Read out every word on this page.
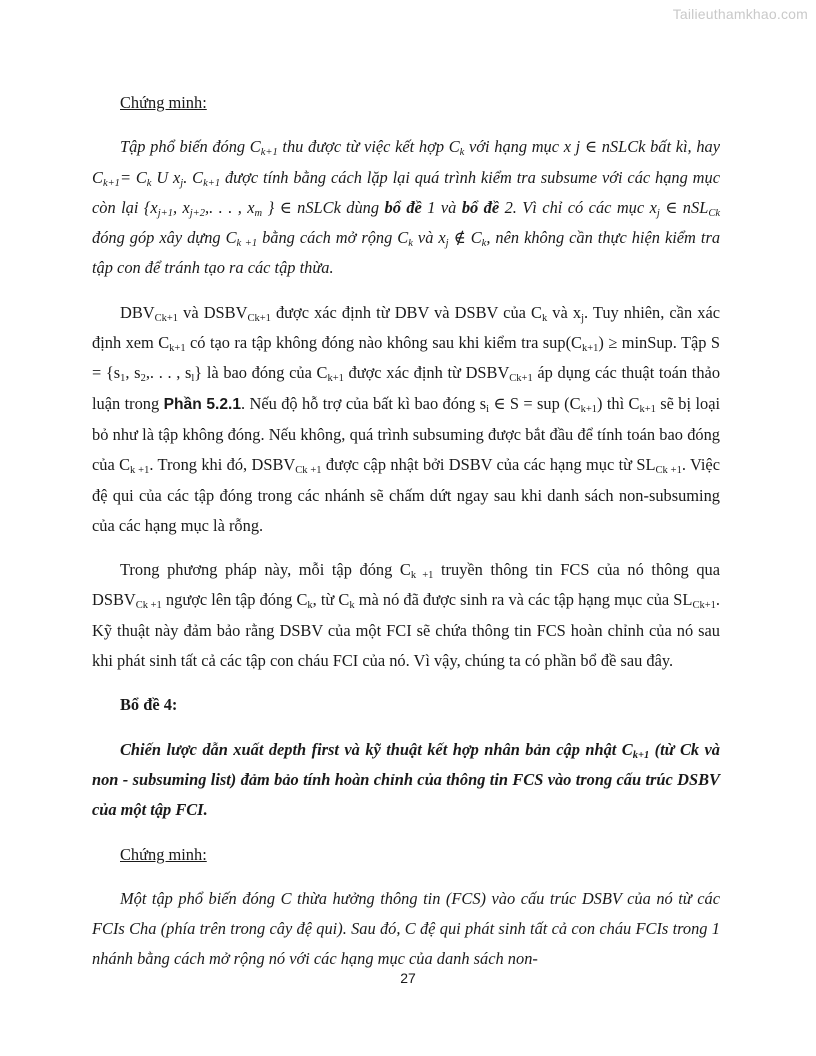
Tailieuthamkhao.com

Chứng minh:

Tập phổ biến đóng $C_{k+1}$ thu được từ việc kết hợp $C_k$ với hạng mục x j ∈ nSLCk bất kì, hay $C_{k+1}= C_k$ U $x_j$. $C_{k+1}$ được tính bằng cách lặp lại quá trình kiểm tra subsume với các hạng mục còn lại {$x_{j+1}$, $x_{j+2}$,. . . , $x_m$ } ∈ nSLCk dùng bổ đề 1 và bổ đề 2. Vì chỉ có các mục $x_j$ ∈ nSL$_{Ck}$ đóng góp xây dựng $C_{k +1}$ bằng cách mở rộng $C_k$ và $x_j$ ∉ $C_k$, nên không cần thực hiện kiểm tra tập con để tránh tạo ra các tập thừa.

$DBV_{Ck+1}$ và $DSBV_{Ck+1}$ được xác định từ DBV và DSBV của $C_k$ và $x_j$. Tuy nhiên, cần xác định xem $C_{k+1}$ có tạo ra tập không đóng nào không sau khi kiểm tra $sup(C_{k+1})$ ≥ minSup. Tập $S = \{s_1$, $s_2$,. . . , $s_l$} là bao đóng của $C_{k+1}$ được xác định từ $DSBV_{Ck+1}$ áp dụng các thuật toán thảo luận trong Phần 5.2.1. Nếu độ hỗ trợ của bất kì bao đóng $s_i$ ∈ S = sup $(C_{k+1})$ thì $C_{k+1}$ sẽ bị loại bỏ như là tập không đóng. Nếu không, quá trình subsuming được bắt đầu để tính toán bao đóng của $C_{k +1}$. Trong khi đó, $DSBV_{Ck +1}$ được cập nhật bởi DSBV của các hạng mục từ $SL_{Ck +1}$. Việc đệ qui của các tập đóng trong các nhánh sẽ chấm dứt ngay sau khi danh sách non-subsuming của các hạng mục là rỗng.

Trong phương pháp này, mỗi tập đóng $C_{k +1}$ truyền thông tin FCS của nó thông qua $DSBV_{Ck +1}$ ngược lên tập đóng $C_k$, từ $C_k$ mà nó đã được sinh ra và các tập hạng mục của $SL_{Ck+1}$. Kỹ thuật này đảm bảo rằng DSBV của một FCI sẽ chứa thông tin FCS hoàn chỉnh của nó sau khi phát sinh tất cả các tập con cháu FCI của nó. Vì vậy, chúng ta có phần bổ đề sau đây.

Bổ đề 4:

Chiến lược dẫn xuất depth first và kỹ thuật kết hợp nhân bản cập nhật $C_{k+1}$ (từ Ck và non - subsuming list) đảm bảo tính hoàn chỉnh của thông tin FCS vào trong cấu trúc DSBV của một tập FCI.

Chứng minh:

Một tập phổ biến đóng C thừa hưởng thông tin (FCS) vào cấu trúc DSBV của nó từ các FCIs Cha (phía trên trong cây đệ qui). Sau đó, C đệ qui phát sinh tất cả con cháu FCIs trong 1 nhánh bằng cách mở rộng nó với các hạng mục của danh sách non-

27
